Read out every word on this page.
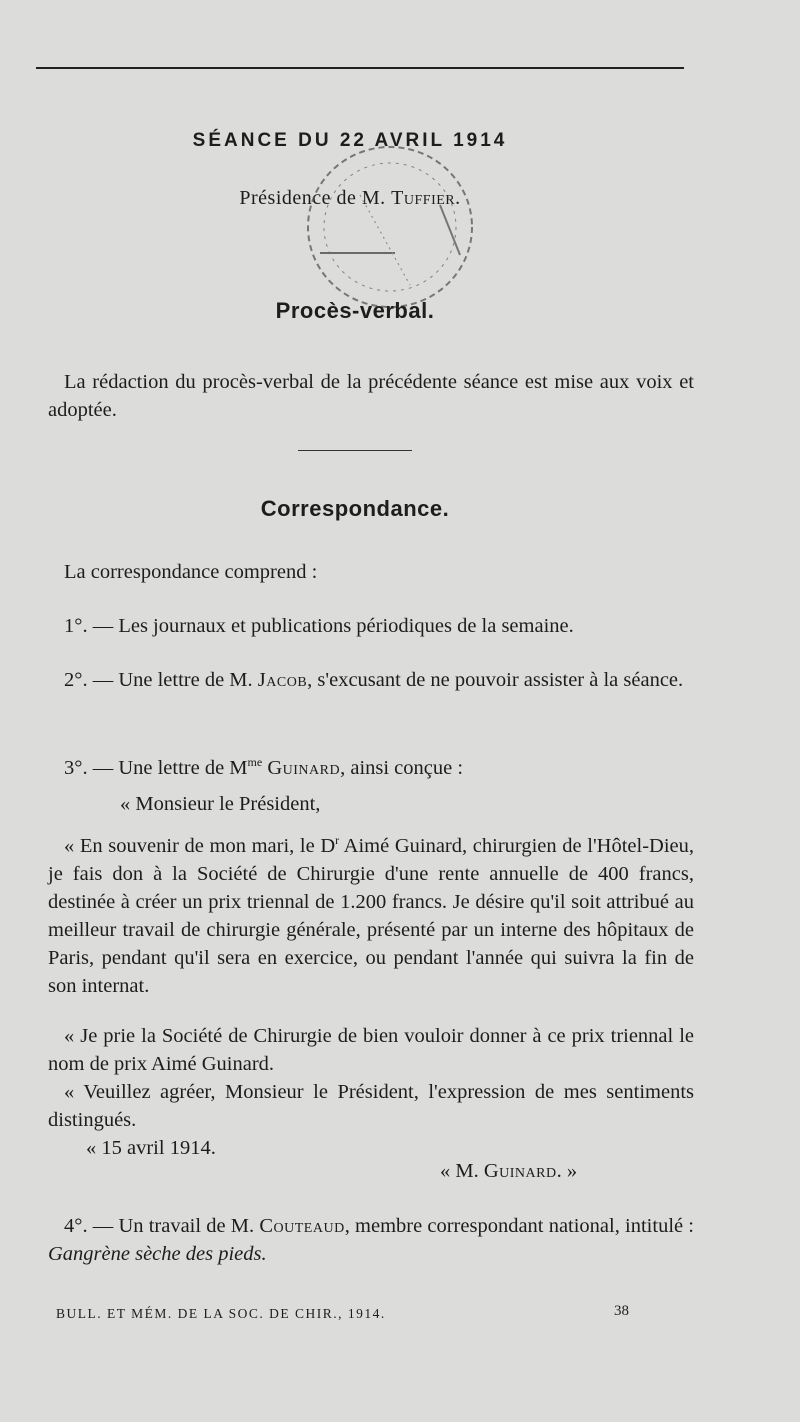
SÉANCE DU 22 AVRIL 1914
Présidence de M. Tuffier.
Procès-verbal.
La rédaction du procès-verbal de la précédente séance est mise aux voix et adoptée.
Correspondance.
La correspondance comprend :
1°. — Les journaux et publications périodiques de la semaine.
2°. — Une lettre de M. Jacob, s'excusant de ne pouvoir assister à la séance.
3°. — Une lettre de $M^{me}$ Guinard, ainsi conçue :
« Monsieur le Président,
« En souvenir de mon mari, le $D^r$ Aimé Guinard, chirurgien de l'Hôtel-Dieu, je fais don à la Société de Chirurgie d'une rente annuelle de 400 francs, destinée à créer un prix triennal de 1.200 francs. Je désire qu'il soit attribué au meilleur travail de chirurgie générale, présenté par un interne des hôpitaux de Paris, pendant qu'il sera en exercice, ou pendant l'année qui suivra la fin de son internat.
« Je prie la Société de Chirurgie de bien vouloir donner à ce prix triennal le nom de prix Aimé Guinard.
« Veuillez agréer, Monsieur le Président, l'expression de mes sentiments distingués.
« 15 avril 1914.
« M. Guinard. »
4°. — Un travail de M. Couteaud, membre correspondant national, intitulé : Gangrène sèche des pieds.
BULL. ET MÉM. DE LA SOC. DE CHIR., 1914.	38
